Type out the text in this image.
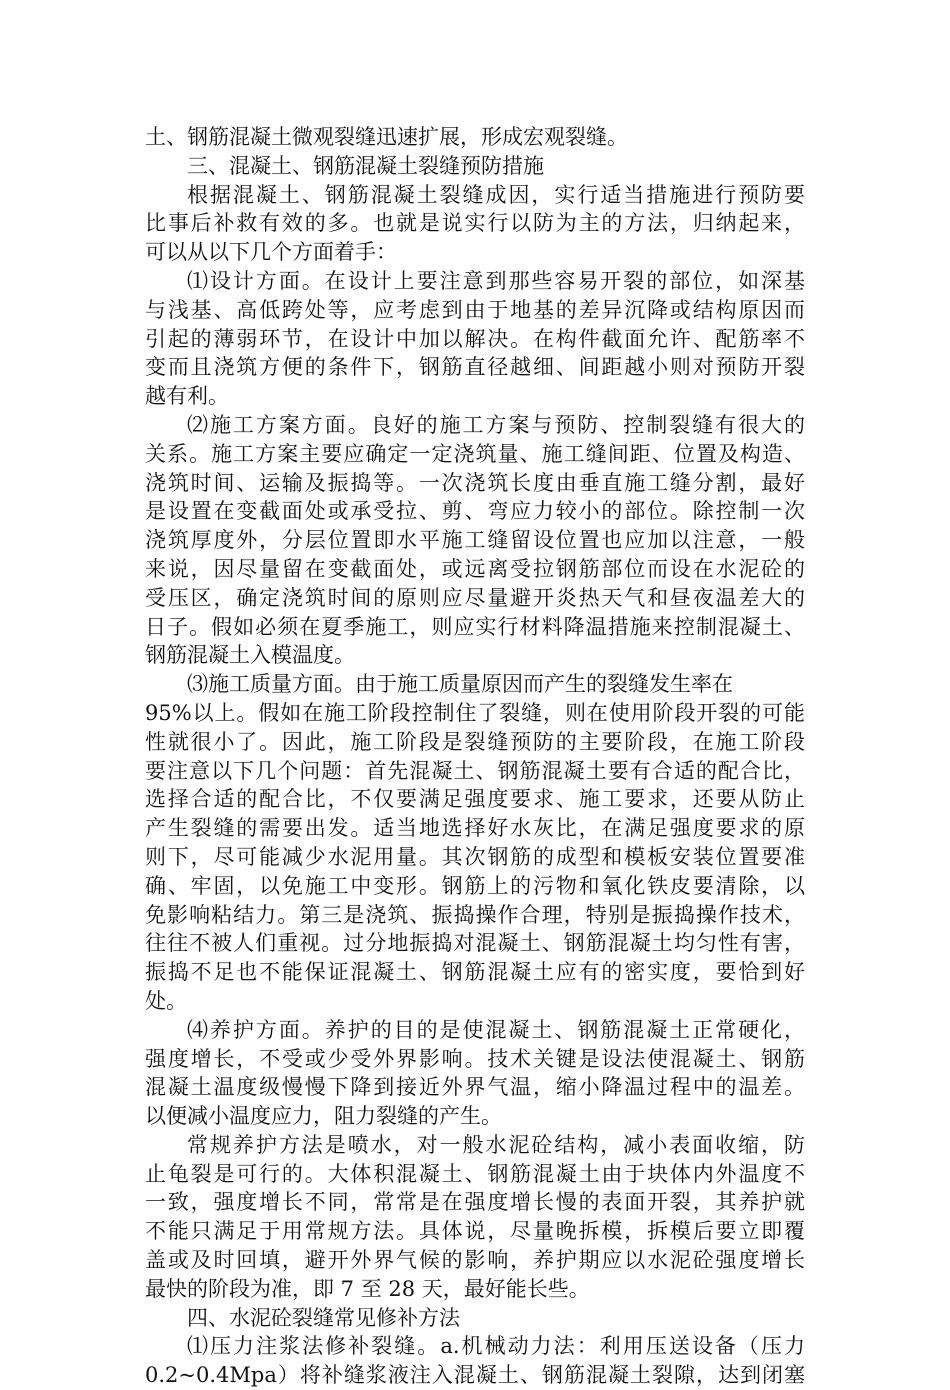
土、钢筋混凝土微观裂缝迅速扩展，形成宏观裂缝。
三、混凝土、钢筋混凝土裂缝预防措施
根据混凝土、钢筋混凝土裂缝成因，实行适当措施进行预防要
比事后补救有效的多。也就是说实行以防为主的方法，归纳起来，
可以从以下几个方面着手：
⑴设计方面。在设计上要注意到那些容易开裂的部位，如深基
与浅基、高低跨处等，应考虑到由于地基的差异沉降或结构原因而
引起的薄弱环节，在设计中加以解决。在构件截面允许、配筋率不
变而且浇筑方便的条件下，钢筋直径越细、间距越小则对预防开裂
越有利。
⑵施工方案方面。良好的施工方案与预防、控制裂缝有很大的
关系。施工方案主要应确定一定浇筑量、施工缝间距、位置及构造、
浇筑时间、运输及振捣等。一次浇筑长度由垂直施工缝分割，最好
是设置在变截面处或承受拉、剪、弯应力较小的部位。除控制一次
浇筑厚度外，分层位置即水平施工缝留设位置也应加以注意，一般
来说，因尽量留在变截面处，或远离受拉钢筋部位而设在水泥砼的
受压区，确定浇筑时间的原则应尽量避开炎热天气和昼夜温差大的
日子。假如必须在夏季施工，则应实行材料降温措施来控制混凝土、
钢筋混凝土入模温度。
⑶施工质量方面。由于施工质量原因而产生的裂缝发生率在
95%以上。假如在施工阶段控制住了裂缝，则在使用阶段开裂的可能
性就很小了。因此，施工阶段是裂缝预防的主要阶段，在施工阶段
要注意以下几个问题：首先混凝土、钢筋混凝土要有合适的配合比，
选择合适的配合比，不仅要满足强度要求、施工要求，还要从防止
产生裂缝的需要出发。适当地选择好水灰比，在满足强度要求的原
则下，尽可能减少水泥用量。其次钢筋的成型和模板安装位置要准
确、牢固，以免施工中变形。钢筋上的污物和氧化铁皮要清除，以
免影响粘结力。第三是浇筑、振捣操作合理，特别是振捣操作技术，
往往不被人们重视。过分地振捣对混凝土、钢筋混凝土均匀性有害，
振捣不足也不能保证混凝土、钢筋混凝土应有的密实度，要恰到好
处。
⑷养护方面。养护的目的是使混凝土、钢筋混凝土正常硬化，
强度增长，不受或少受外界影响。技术关键是设法使混凝土、钢筋
混凝土温度级慢慢下降到接近外界气温，缩小降温过程中的温差。
以便减小温度应力，阻力裂缝的产生。
常规养护方法是喷水，对一般水泥砼结构，减小表面收缩，防
止龟裂是可行的。大体积混凝土、钢筋混凝土由于块体内外温度不
一致，强度增长不同，常常是在强度增长慢的表面开裂，其养护就
不能只满足于用常规方法。具体说，尽量晚拆模，拆模后要立即覆
盖或及时回填，避开外界气候的影响，养护期应以水泥砼强度增长
最快的阶段为准，即 7 至 28 天，最好能长些。
四、水泥砼裂缝常见修补方法
⑴压力注浆法修补裂缝。a.机械动力法：利用压送设备（压力
0.2~0.4Mpa）将补缝浆液注入混凝土、钢筋混凝土裂隙，达到闭塞
